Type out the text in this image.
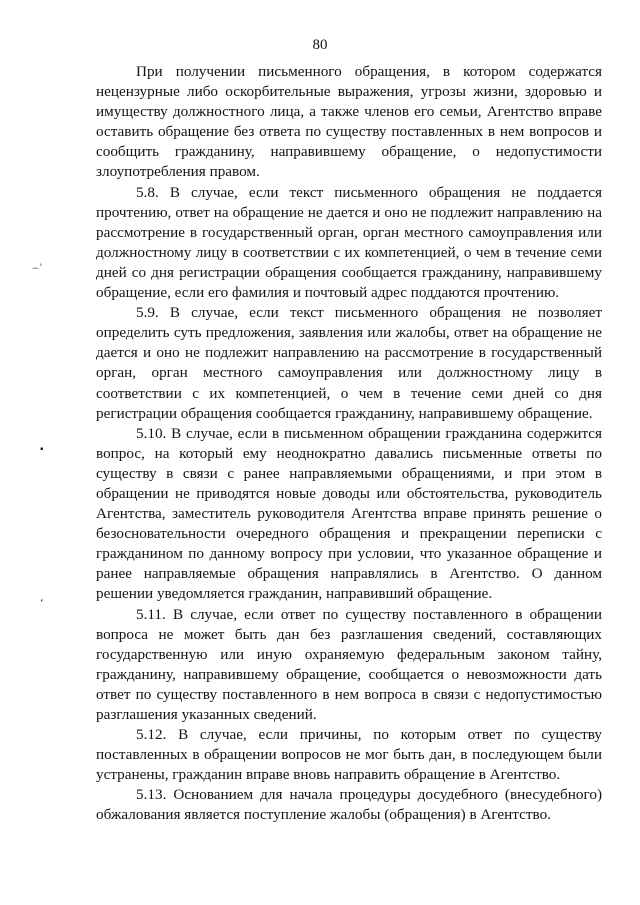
80

При получении письменного обращения, в котором содержатся нецензурные либо оскорбительные выражения, угрозы жизни, здоровью и имуществу должностного лица, а также членов его семьи, Агентство вправе оставить обращение без ответа по существу поставленных в нем вопросов и сообщить гражданину, направившему обращение, о недопустимости злоупотребления правом.

5.8. В случае, если текст письменного обращения не поддается прочтению, ответ на обращение не дается и оно не подлежит направлению на рассмотрение в государственный орган, орган местного самоуправления или должностному лицу в соответствии с их компетенцией, о чем в течение семи дней со дня регистрации обращения сообщается гражданину, направившему обращение, если его фамилия и почтовый адрес поддаются прочтению.

5.9. В случае, если текст письменного обращения не позволяет определить суть предложения, заявления или жалобы, ответ на обращение не дается и оно не подлежит направлению на рассмотрение в государственный орган, орган местного самоуправления или должностному лицу в соответствии с их компетенцией, о чем в течение семи дней со дня регистрации обращения сообщается гражданину, направившему обращение.

5.10. В случае, если в письменном обращении гражданина содержится вопрос, на который ему неоднократно давались письменные ответы по существу в связи с ранее направляемыми обращениями, и при этом в обращении не приводятся новые доводы или обстоятельства, руководитель Агентства, заместитель руководителя Агентства вправе принять решение о безосновательности очередного обращения и прекращении переписки с гражданином по данному вопросу при условии, что указанное обращение и ранее направляемые обращения направлялись в Агентство. О данном решении уведомляется гражданин, направивший обращение.

5.11. В случае, если ответ по существу поставленного в обращении вопроса не может быть дан без разглашения сведений, составляющих государственную или иную охраняемую федеральным законом тайну, гражданину, направившему обращение, сообщается о невозможности дать ответ по существу поставленного в нем вопроса в связи с недопустимостью разглашения указанных сведений.

5.12. В случае, если причины, по которым ответ по существу поставленных в обращении вопросов не мог быть дан, в последующем были устранены, гражданин вправе вновь направить обращение в Агентство.

5.13. Основанием для начала процедуры досудебного (внесудебного) обжалования является поступление жалобы (обращения) в Агентство.

−ʾ
▪
ʻ
